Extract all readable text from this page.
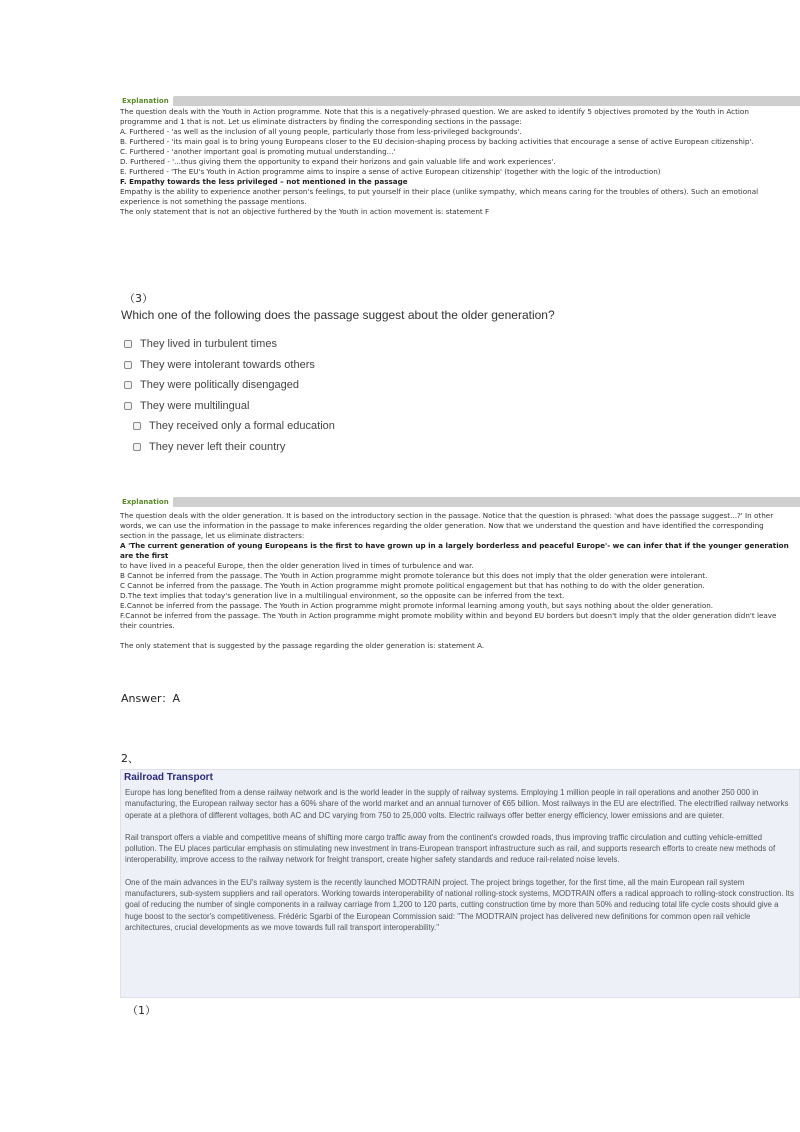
Explanation

The question deals with the Youth in Action programme. Note that this is a negatively-phrased question. We are asked to identify 5 objectives promoted by the Youth in Action

programme and 1 that is not. Let us eliminate distracters by finding the corresponding sections in the passage:

A. Furthered - 'as well as the inclusion of all young people, particularly those from less-privileged backgrounds'.

B. Furthered - 'its main goal is to bring young Europeans closer to the EU decision-shaping process by backing activities that encourage a sense of active European citizenship'.

C. Furthered - 'another important goal is promoting mutual understanding...'

D. Furthered - '...thus giving them the opportunity to expand their horizons and gain valuable life and work experiences'.

E. Furthered - 'The EU's Youth in Action programme aims to inspire a sense of active European citizenship' (together with the logic of the introduction)

F. Empathy towards the less privileged – not mentioned in the passage

Empathy is the ability to experience another person's feelings, to put yourself in their place (unlike sympathy, which means caring for the troubles of others). Such an emotional

experience is not something the passage mentions.

The only statement that is not an objective furthered by the Youth in action movement is: statement F

（3）
Which one of the following does the passage suggest about the older generation?
They lived in turbulent times
They were intolerant towards others
They were politically disengaged
They were multilingual
They received only a formal education
They never left their country
Explanation

The question deals with the older generation. It is based on the introductory section in the passage. Notice that the question is phrased: 'what does the passage suggest...?' In other

words, we can use the information in the passage to make inferences regarding the older generation. Now that we understand the question and have identified the corresponding

section in the passage, let us eliminate distracters:

A 'The current generation of young Europeans is the first to have grown up in a largely borderless and peaceful Europe'- we can infer that if the younger generation are the first

to have lived in a peaceful Europe, then the older generation lived in times of turbulence and war.

B Cannot be inferred from the passage. The Youth in Action programme might promote tolerance but this does not imply that the older generation were intolerant.

C Cannot be inferred from the passage. The Youth in Action programme might promote political engagement but that has nothing to do with the older generation.

D.The text implies that today's generation live in a multilingual environment, so the opposite can be inferred from the text.

E.Cannot be inferred from the passage. The Youth in Action programme might promote informal learning among youth, but says nothing about the older generation.

F.Cannot be inferred from the passage. The Youth in Action programme might promote mobility within and beyond EU borders but doesn't imply that the older generation didn't leave

their countries.

The only statement that is suggested by the passage regarding the older generation is: statement A.

Answer：A
2、
Railroad Transport

Europe has long benefited from a dense railway network and is the world leader in the supply of railway systems. Employing 1 million people in rail operations and another 250 000 in manufacturing, the European railway sector has a 60% share of the world market and an annual turnover of €65 billion. Most railways in the EU are electrified. The electrified railway networks operate at a plethora of different voltages, both AC and DC varying from 750 to 25,000 volts. Electric railways offer better energy efficiency, lower emissions and are quieter.

Rail transport offers a viable and competitive means of shifting more cargo traffic away from the continent's crowded roads, thus improving traffic circulation and cutting vehicle-emitted pollution. The EU places particular emphasis on stimulating new investment in trans-European transport infrastructure such as rail, and supports research efforts to create new methods of interoperability, improve access to the railway network for freight transport, create higher safety standards and reduce rail-related noise levels.

One of the main advances in the EU's railway system is the recently launched MODTRAIN project. The project brings together, for the first time, all the main European rail system manufacturers, sub-system suppliers and rail operators. Working towards interoperability of national rolling-stock systems, MODTRAIN offers a radical approach to rolling-stock construction. Its goal of reducing the number of single components in a railway carriage from 1,200 to 120 parts, cutting construction time by more than 50% and reducing total life cycle costs should give a huge boost to the sector's competitiveness. Frédéric Sgarbi of the European Commission said: "The MODTRAIN project has delivered new definitions for common open rail vehicle architectures, crucial developments as we move towards full rail transport interoperability."

（1）
